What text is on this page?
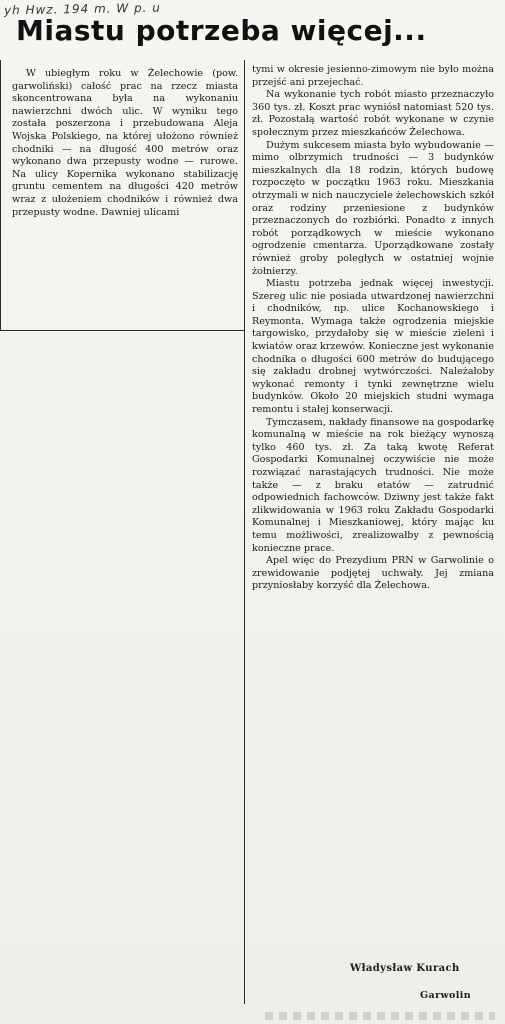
yh Hwz. 194 m. W p. u
Miastu potrzeba więcej...

W ubiegłym roku w Żelechowie (pow. garwoliński) całość prac na rzecz miasta skoncentrowana była na wykonaniu nawierzchni dwóch ulic. W wyniku tego została poszerzona i przebudowana Aleja Wojska Polskiego, na której ułożono również chodniki — na długość 400 metrów oraz wykonano dwa przepusty wodne — rurowe. Na ulicy Kopernika wykonano stabilizację gruntu cementem na długości 420 metrów wraz z ułożeniem chodników i również dwa przepusty wodne. Dawniej ulicami

tymi w okresie jesienno-zimowym nie było można przejść ani przejechać.

Na wykonanie tych robót miasto przeznaczyło 360 tys. zł. Koszt prac wyniósł natomiast 520 tys. zł. Pozostałą wartość robót wykonane w czynie społecznym przez mieszkańców Żelechowa.

Dużym sukcesem miasta było wybudowanie — mimo olbrzymich trudności — 3 budynków mieszkalnych dla 18 rodzin, których budowę rozpoczęto w początku 1963 roku. Mieszkania otrzymali w nich nauczyciele żelechowskich szkół oraz rodziny przeniesione z budynków przeznaczonych do rozbiórki. Ponadto z innych robót porządkowych w mieście wykonano ogrodzenie cmentarza. Uporządkowane zostały również groby poległych w ostatniej wojnie żołnierzy.

Miastu potrzeba jednak więcej inwestycji. Szereg ulic nie posiada utwardzonej nawierzchni i chodników, np. ulice Kochanowskiego i Reymonta. Wymaga także ogrodzenia miejskie targowisko, przydałoby się w mieście zieleni i kwiatów oraz krzewów. Konieczne jest wykonanie chodnika o długości 600 metrów do budującego się zakładu drobnej wytwórczości. Należałoby wykonać remonty i tynki zewnętrzne wielu budynków. Około 20 miejskich studni wymaga remontu i stałej konserwacji.

Tymczasem, nakłady finansowe na gospodarkę komunalną w mieście na rok bieżący wynoszą tylko 460 tys. zł. Za taką kwotę Referat Gospodarki Komunalnej oczywiście nie może rozwiązać narastających trudności. Nie może także — z braku etatów — zatrudnić odpowiednich fachowców. Dziwny jest także fakt zlikwidowania w 1963 roku Zakładu Gospodarki Komunalnej i Mieszkaniowej, który mając ku temu możliwości, zrealizowałby z pewnością konieczne prace.

Apel więc do Prezydium PRN w Garwolinie o zrewidowanie podjętej uchwały. Jej zmiana przyniosłaby korzyść dla Żelechowa.

Władysław Kurach
Garwolin
